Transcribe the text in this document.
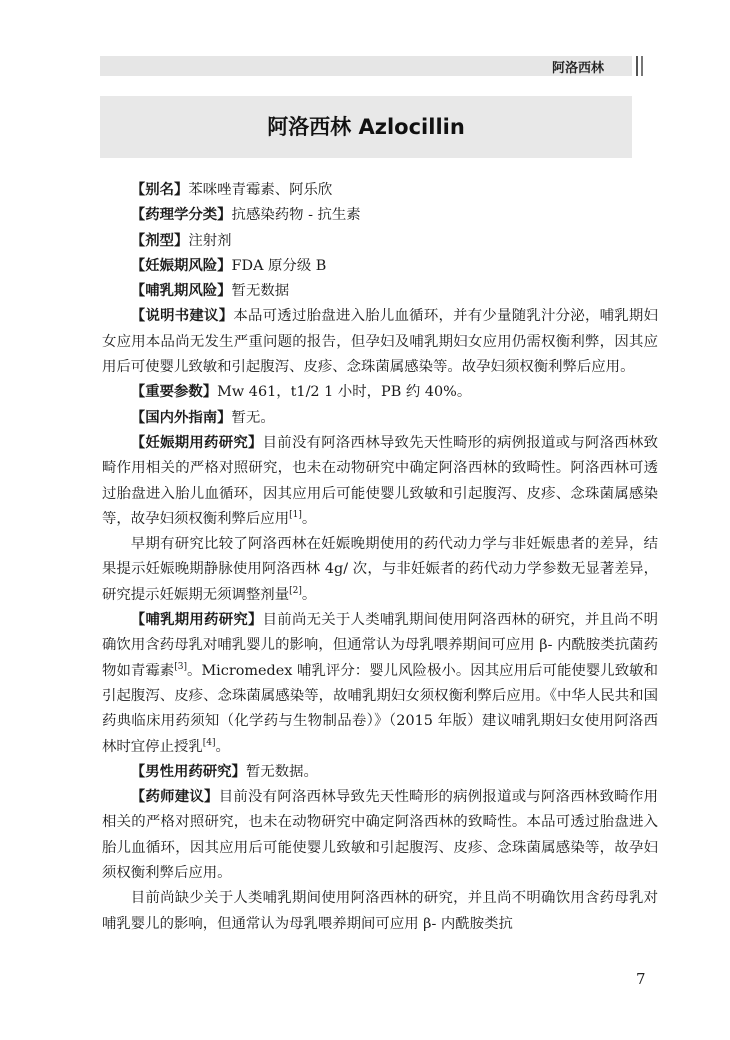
阿洛西林
阿洛西林 Azlocillin

【别名】苯咪唑青霉素、阿乐欣

【药理学分类】抗感染药物 - 抗生素

【剂型】注射剂

【妊娠期风险】FDA 原分级 B

【哺乳期风险】暂无数据

【说明书建议】本品可透过胎盘进入胎儿血循环，并有少量随乳汁分泌，哺乳期妇女应用本品尚无发生严重问题的报告，但孕妇及哺乳期妇女应用仍需权衡利弊，因其应用后可使婴儿致敏和引起腹泻、皮疹、念珠菌属感染等。故孕妇须权衡利弊后应用。

【重要参数】Mw 461，t1/2 1 小时，PB 约 40%。

【国内外指南】暂无。

【妊娠期用药研究】目前没有阿洛西林导致先天性畸形的病例报道或与阿洛西林致畸作用相关的严格对照研究，也未在动物研究中确定阿洛西林的致畸性。阿洛西林可透过胎盘进入胎儿血循环，因其应用后可能使婴儿致敏和引起腹泻、皮疹、念珠菌属感染等，故孕妇须权衡利弊后应用[1]。

早期有研究比较了阿洛西林在妊娠晚期使用的药代动力学与非妊娠患者的差异，结果提示妊娠晚期静脉使用阿洛西林 4g/ 次，与非妊娠者的药代动力学参数无显著差异，研究提示妊娠期无须调整剂量[2]。

【哺乳期用药研究】目前尚无关于人类哺乳期间使用阿洛西林的研究，并且尚不明确饮用含药母乳对哺乳婴儿的影响，但通常认为母乳喂养期间可应用 β- 内酰胺类抗菌药物如青霉素[3]。Micromedex 哺乳评分：婴儿风险极小。因其应用后可能使婴儿致敏和引起腹泻、皮疹、念珠菌属感染等，故哺乳期妇女须权衡利弊后应用。《中华人民共和国药典临床用药须知（化学药与生物制品卷）》（2015 年版）建议哺乳期妇女使用阿洛西林时宜停止授乳[4]。

【男性用药研究】暂无数据。

【药师建议】目前没有阿洛西林导致先天性畸形的病例报道或与阿洛西林致畸作用相关的严格对照研究，也未在动物研究中确定阿洛西林的致畸性。本品可透过胎盘进入胎儿血循环，因其应用后可能使婴儿致敏和引起腹泻、皮疹、念珠菌属感染等，故孕妇须权衡利弊后应用。

目前尚缺少关于人类哺乳期间使用阿洛西林的研究，并且尚不明确饮用含药母乳对哺乳婴儿的影响，但通常认为母乳喂养期间可应用 β- 内酰胺类抗

7
